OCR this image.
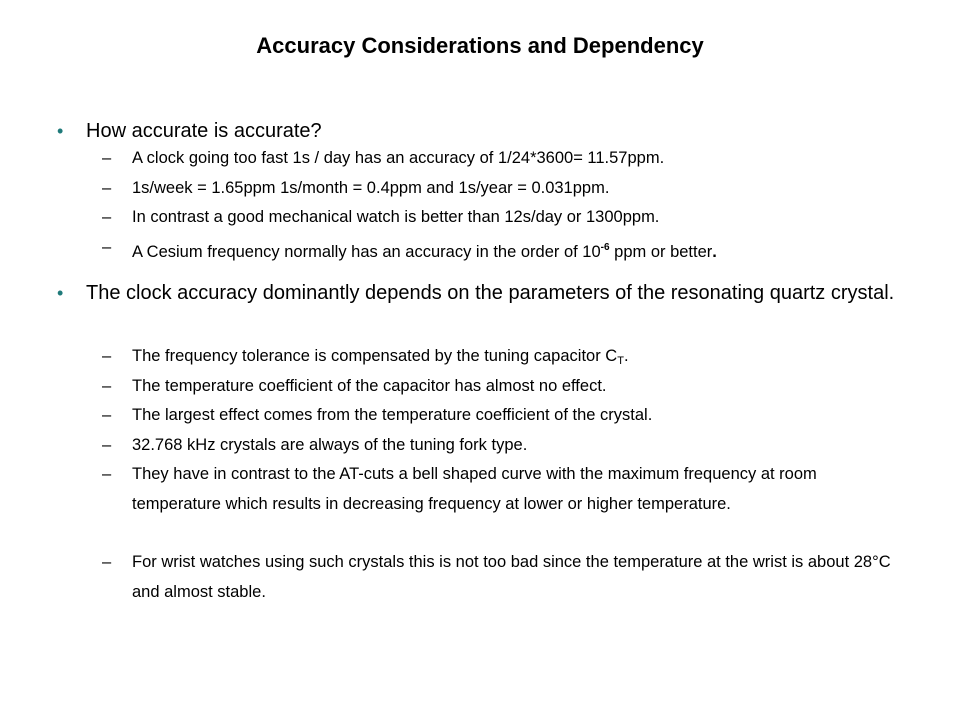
Accuracy Considerations and Dependency
• How accurate is accurate?
– A clock going too fast 1s / day has an accuracy of 1/24*3600= 11.57ppm.
– 1s/week = 1.65ppm 1s/month = 0.4ppm and 1s/year = 0.031ppm.
– In contrast a good mechanical watch is better than 12s/day or 1300ppm.
– A Cesium frequency normally has an accuracy in the order of $10^{-6}$ ppm or better.
• The clock accuracy dominantly depends on the parameters of the resonating quartz crystal.
– The frequency tolerance is compensated by the tuning capacitor CT.
– The temperature coefficient of the capacitor has almost no effect.
– The largest effect comes from the temperature coefficient of the crystal.
– 32.768 kHz crystals are always of the tuning fork type.
– They have in contrast to the AT-cuts a bell shaped curve with the maximum frequency at room temperature which results in decreasing frequency at lower or higher temperature.
– For wrist watches using such crystals this is not too bad since the temperature at the wrist is about 28°C and almost stable.
